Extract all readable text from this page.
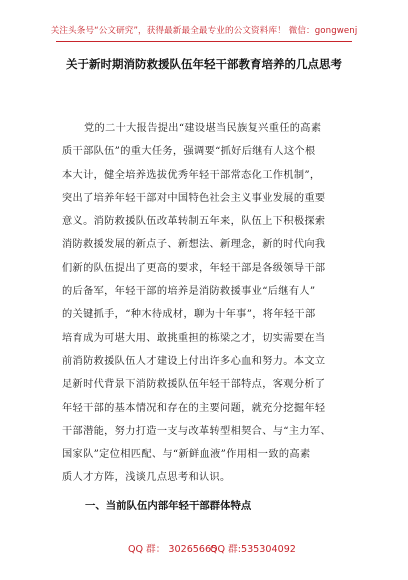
关注头条号“公文研究”，获得最新最全最专业的公文资料库！ 微信：gongwenj
关于新时期消防救援队伍年轻干部教育培养的几点思考
党的二十大报告提出“建设堪当民族复兴重任的高素
质干部队伍”的重大任务，强调要“抓好后继有人这个根
本大计，健全培养选拔优秀年轻干部常态化工作机制”，
突出了培养年轻干部对中国特色社会主义事业发展的重要
意义。消防救援队伍改革转制五年来，队伍上下积极探索
消防救援发展的新点子、新想法、新理念，新的时代向我
们新的队伍提出了更高的要求，年轻干部是各级领导干部
的后备军，年轻干部的培养是消防救援事业“后继有人”
的关键抓手，“种木待成材，聊为十年事”，将年轻干部
培育成为可堪大用、敢挑重担的栋梁之才，切实需要在当
前消防救援队伍人才建设上付出许多心血和努力。本文立
足新时代背景下消防救援队伍年轻干部特点，客观分析了
年轻干部的基本情况和存在的主要问题，就充分挖掘年轻
干部潜能，努力打造一支与改革转型相契合、与“主力军、
国家队”定位相匹配、与“新鲜血液”作用相一致的高素
质人才方阵，浅谈几点思考和认识。
一、当前队伍内部年轻干部群体特点
QQ 群： 30265665
QQ 群:535304092
